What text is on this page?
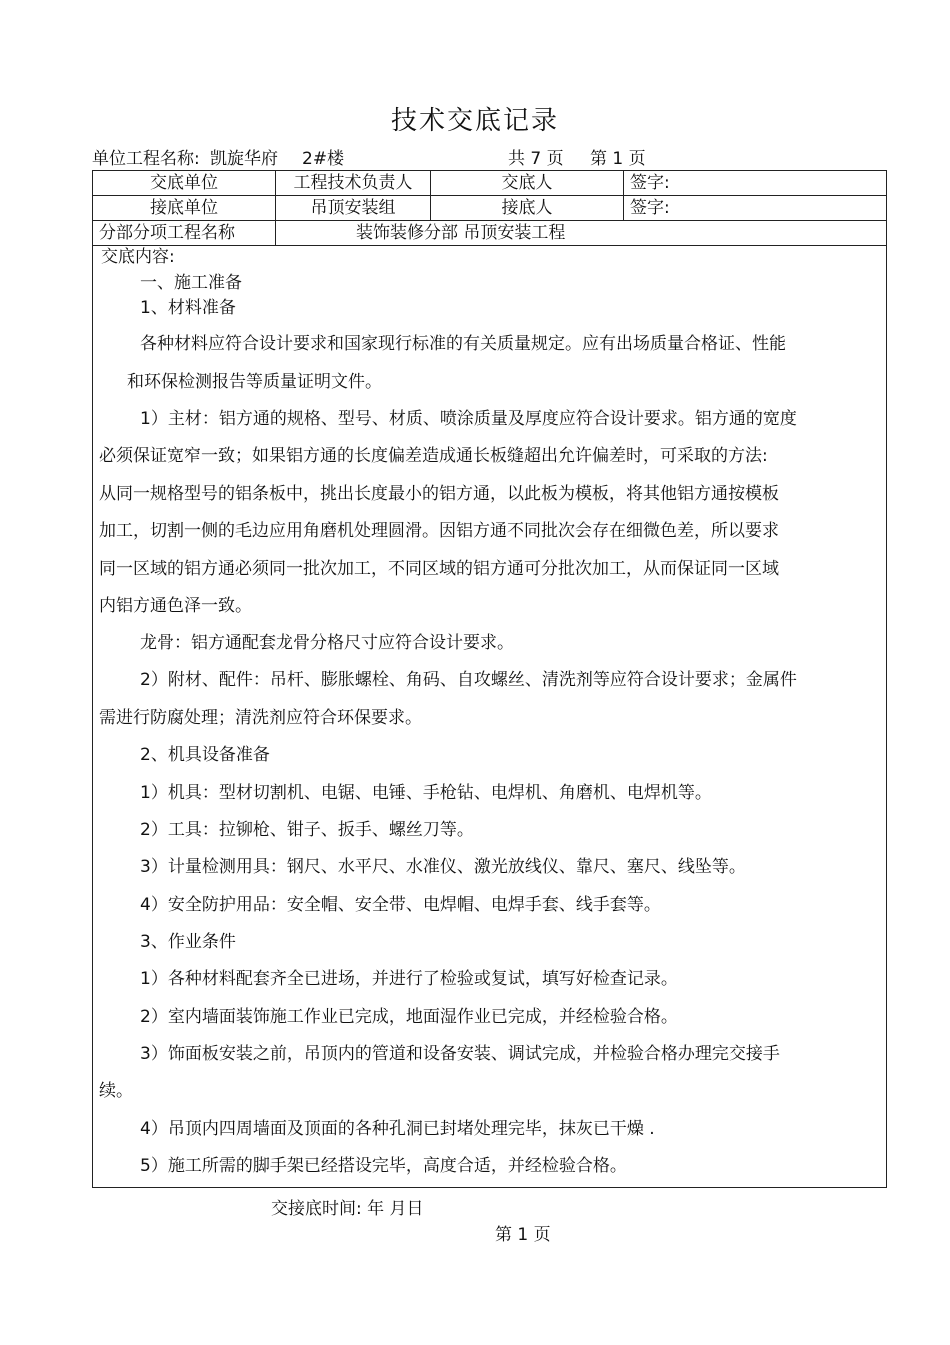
技术交底记录
单位工程名称: 凯旋华府 2#楼	共 7 页 第 1 页
交底单位	工程技术负责人	交底人	签字:
接底单位	吊顶安装组	接底人	签字:
分部分项工程名称	装饰装修分部 吊顶安装工程		
交底内容:
一、施工准备
1、材料准备
各种材料应符合设计要求和国家现行标准的有关质量规定。应有出场质量合格证、性能
和环保检测报告等质量证明文件。
1）主材：铝方通的规格、型号、材质、喷涂质量及厚度应符合设计要求。铝方通的宽度
必须保证宽窄一致；如果铝方通的长度偏差造成通长板缝超出允许偏差时，可采取的方法:
从同一规格型号的铝条板中，挑出长度最小的铝方通，以此板为模板，将其他铝方通按模板
加工，切割一侧的毛边应用角磨机处理圆滑。因铝方通不同批次会存在细微色差，所以要求
同一区域的铝方通必须同一批次加工，不同区域的铝方通可分批次加工，从而保证同一区域
内铝方通色泽一致。
龙骨：铝方通配套龙骨分格尺寸应符合设计要求。
2）附材、配件：吊杆、膨胀螺栓、角码、自攻螺丝、清洗剂等应符合设计要求；金属件
需进行防腐处理；清洗剂应符合环保要求。
2、机具设备准备
1）机具：型材切割机、电锯、电锤、手枪钻、电焊机、角磨机、电焊机等。
2）工具：拉铆枪、钳子、扳手、螺丝刀等。
3）计量检测用具：钢尺、水平尺、水准仪、激光放线仪、靠尺、塞尺、线坠等。
4）安全防护用品：安全帽、安全带、电焊帽、电焊手套、线手套等。
3、作业条件
1）各种材料配套齐全已进场，并进行了检验或复试，填写好检查记录。
2）室内墙面装饰施工作业已完成，地面湿作业已完成，并经检验合格。
3）饰面板安装之前，吊顶内的管道和设备安装、调试完成，并检验合格办理完交接手
续。
4）吊顶内四周墙面及顶面的各种孔洞已封堵处理完毕，抹灰已干燥 .
5）施工所需的脚手架已经搭设完毕，高度合适，并经检验合格。
交接底时间: 年 月日
第 1 页
